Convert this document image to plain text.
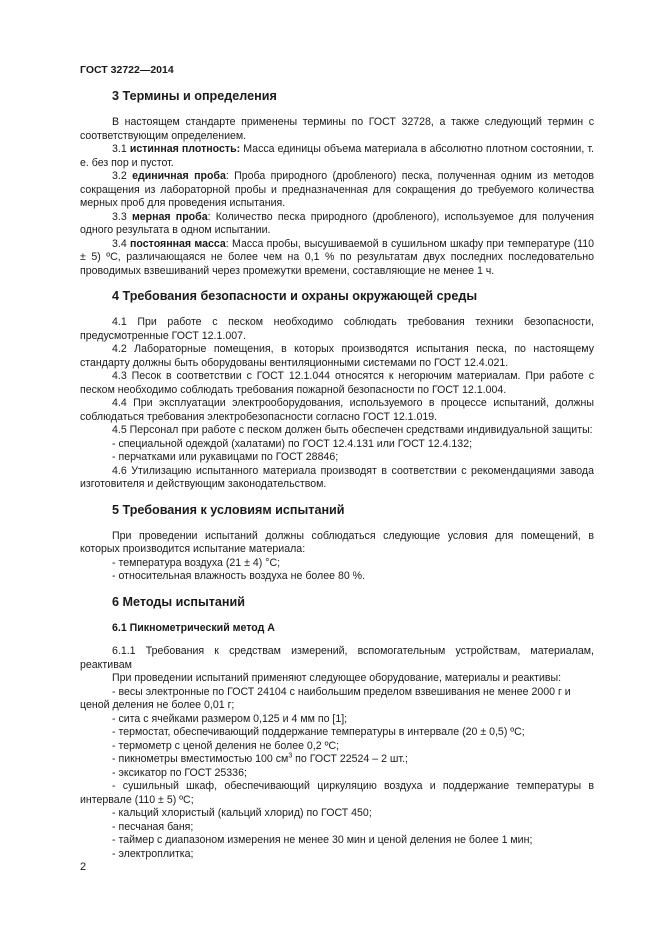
ГОСТ 32722—2014
3 Термины и определения

В настоящем стандарте применены термины по ГОСТ 32728, а также следующий термин с соответствующим определением.

3.1 истинная плотность: Масса единицы объема материала в абсолютно плотном состоянии, т. е. без пор и пустот.

3.2 единичная проба: Проба природного (дробленого) песка, полученная одним из методов сокращения из лабораторной пробы и предназначенная для сокращения до требуемого количества мерных проб для проведения испытания.

3.3 мерная проба: Количество песка природного (дробленого), используемое для получения одного результата в одном испытании.

3.4 постоянная масса: Масса пробы, высушиваемой в сушильном шкафу при температуре (110 ± 5) ºС, различающаяся не более чем на 0,1 % по результатам двух последних последовательно проводимых взвешиваний через промежутки времени, составляющие не менее 1 ч.

4 Требования безопасности и охраны окружающей среды

4.1 При работе с песком необходимо соблюдать требования техники безопасности, предусмотренные ГОСТ 12.1.007.

4.2 Лабораторные помещения, в которых производятся испытания песка, по настоящему стандарту должны быть оборудованы вентиляционными системами по ГОСТ 12.4.021.

4.3 Песок в соответствии с ГОСТ 12.1.044 относятся к негорючим материалам. При работе с песком необходимо соблюдать требования пожарной безопасности по ГОСТ 12.1.004.

4.4 При эксплуатации электрооборудования, используемого в процессе испытаний, должны соблюдаться требования электробезопасности согласно ГОСТ 12.1.019.

4.5 Персонал при работе с песком должен быть обеспечен средствами индивидуальной защиты:

- специальной одеждой (халатами) по ГОСТ 12.4.131 или ГОСТ 12.4.132;

- перчатками или рукавицами по ГОСТ 28846;

4.6 Утилизацию испытанного материала производят в соответствии с рекомендациями завода изготовителя и действующим законодательством.

5 Требования к условиям испытаний

При проведении испытаний должны соблюдаться следующие условия для помещений, в которых производится испытание материала:

- температура воздуха (21 ± 4) °С;

- относительная влажность воздуха не более 80 %.

6 Методы испытаний
6.1 Пикнометрический метод А

6.1.1 Требования к средствам измерений, вспомогательным устройствам, материалам, реактивам

При проведении испытаний применяют следующее оборудование, материалы и реактивы:

- весы электронные по ГОСТ 24104 с наибольшим пределом взвешивания не менее 2000 г и

ценой деления не более 0,01 г;

- сита с ячейками размером 0,125 и 4 мм по [1];

- термостат, обеспечивающий поддержание температуры в интервале (20 ± 0,5) ºС;

- термометр с ценой деления не более 0,2 ºС;

- пикнометры вместимостью 100 $см^3$ по ГОСТ 22524 – 2 шт.;

- эксикатор по ГОСТ 25336;

- сушильный шкаф, обеспечивающий циркуляцию воздуха и поддержание температуры в интервале (110 ± 5) ºС;

- кальций хлористый (кальций хлорид) по ГОСТ 450;

- песчаная баня;

- таймер с диапазоном измерения не менее 30 мин и ценой деления не более 1 мин;

- электроплитка;

2
